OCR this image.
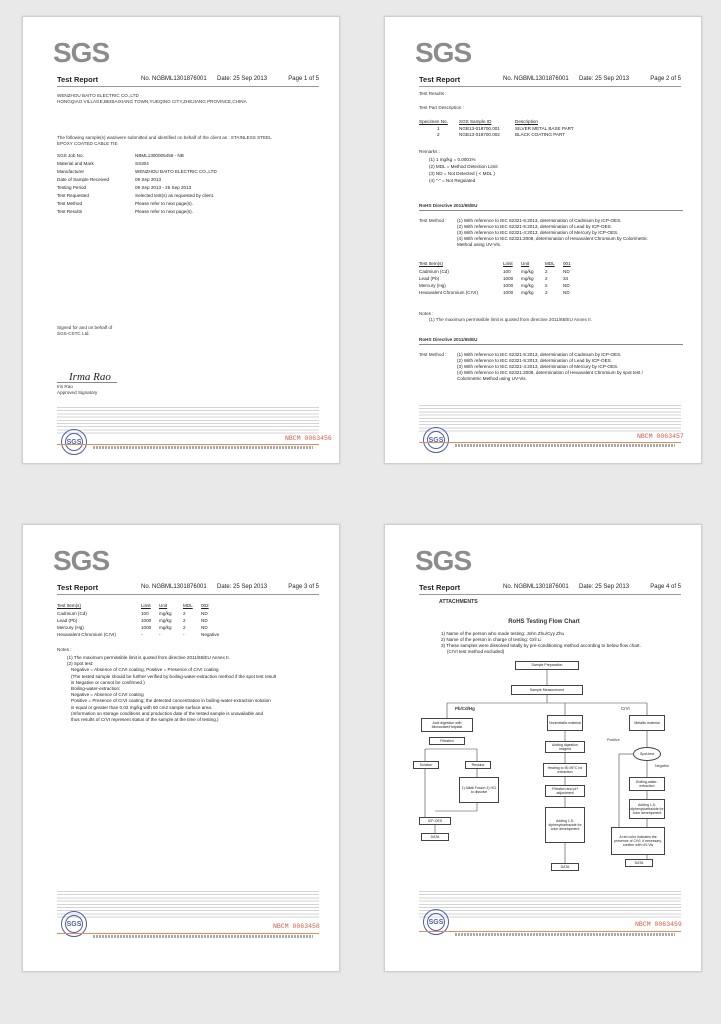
SGS
Test Report	No. NGBML1301876001 Date: 25 Sep 2013	Page 1 of 5
WENZHOU BAITO ELECTRIC CO.,LTD
HONGQIAO VILLAGE,BEIBAIXIANG TOWN,YUEQING CITY,ZHEJIANG PROVINCE,CHINA
The following sample(s) was/were submitted and identified on behalf of the client as : STAINLESS STEEL
EPOXY COATED CABLE TIE
Signed for and on behalf of
SGS-CSTC Ltd.
Irma Rao
Iris Rao
Approved Signatory
SGS	NBCM 0063456
SGS Job No.	NBML1300005456 - NB
Material and Mark	SS304
Manufacturer	WENZHOU BAITO ELECTRIC CO.,LTD
Date of Sample Received	09 Sep 2013
Testing Period	09 Sep 2013 - 25 Sep 2013
Test Requested	Selected test(s) as requested by client.
Test Method	Please refer to next page(s).
Test Results	Please refer to next page(s).
SGS
Test Report	No. NGBML1301876001 Date: 25 Sep 2013	Page 2 of 5
Test Results :
Test Part Description :
Remarks :
RoHS Directive 2011/65/EU
Test Method :
Notes :
(1) The maximum permissible limit is quoted from directive 2011/65/EU Annex II.
RoHS Directive 2011/65/EU
Test Method :
SGS	NBCM 0063457
Specimen No. SGS Sample ID	Description
1	NGB13-018700.001	SILVER METAL BASE PART
2	NGB13-018700.002	BLACK COATING PART
(1) 1 mg/kg = 0.0001%
(2) MDL = Method Detection Limit
(3) ND = Not Detected ( < MDL )
(4) "-" = Not Regulated
(1) With reference to IEC 62321-5:2013, determination of Cadmium by ICP-OES.
(2) With reference to IEC 62321-5:2013, determination of Lead by ICP-OES.
(3) With reference to IEC 62321-4:2013, determination of Mercury by ICP-OES.
(4) With reference to IEC 62321:2008, determination of Hexavalent Chromium by Colorimetric
Method using UV-Vis.
(1) With reference to IEC 62321-5:2013, determination of Cadmium by ICP-OES.
(2) With reference to IEC 62321-5:2013, determination of Lead by ICP-OES.
(3) With reference to IEC 62321-4:2013, determination of Mercury by ICP-OES.
(4) With reference to IEC 62321:2008, determination of Hexavalent Chromium by spot test /
Colorimetric Method using UV-Vis.
Test Item(s)	Limit Unit	MDL 001
Cadmium (Cd)	100 mg/kg 2	ND
Lead (Pb)	1000 mg/kg 2	34
Mercury (Hg)	1000 mg/kg 2	ND
Hexavalent Chromium (CrVI)	1000 mg/kg 2	ND
SGS
Test Report	No. NGBML1301876001 Date: 25 Sep 2013	Page 3 of 5
Notes :
SGS	NBCM 0063458
Test Item(s)	Limit Unit	MDL 002
Cadmium (Cd)	100 mg/kg 2	ND
Lead (Pb)	1000 mg/kg 2	ND
Mercury (Hg)	1000 mg/kg 2	ND
Hexavalent Chromium (CrVI)	-	-	-	Negative
(1) The maximum permissible limit is quoted from directive 2011/65/EU Annex II.
(2) Spot test:
Negative = Absence of CrVI coating, Positive = Presence of CrVI coating
(The tested sample should be further verified by boiling-water-extraction method if the spot test result
is Negative or cannot be confirmed.)
Boiling-water-extraction:
Negative = Absence of CrVI coating
Positive = Presence of CrVI coating; the detected concentration in boiling-water-extraction solution
is equal or greater than 0.02 mg/kg with 50 cm2 sample surface area.
(Information on storage conditions and production date of the tested sample is unavailable and
thus results of CrVI represent status of the sample at the time of testing.)
SGS
Test Report	No. NGBML1301876001 Date: 25 Sep 2013	Page 4 of 5
ATTACHMENTS
RoHS Testing Flow Chart
Sample Preparation
Sample Measurement
Pb/Cd/Hg	CrVI
Acid digestion with Microwave/Hotplate
Nonmetallic material	Metallic material
Filtration
Adding digestion reagent
Positive
Spot-test
Negative
Solution	Residue
Heating to 90-95°C for extraction
Boiling-water-extraction
1) Alkali Fusion 2) HCl to dissolve
Filtration and pH adjustment
Adding 1,5-diphenylcarbazide for color development
Adding 1,5-diphenylcarbazide for color development
ICP-OES
A red color indicates the presence of CrVI, if necessary, confirm with UV-Vis
DATA
DATA
DATA
SGS	NBCM 0063459
1) Name of the person who made testing: John Zhu/Cyy Zhu
2) Name of the person in charge of testing: Gril Li
3) These samples were dissolved totally by pre-conditioning method according to below flow chart.
(CrVI test method excluded)
